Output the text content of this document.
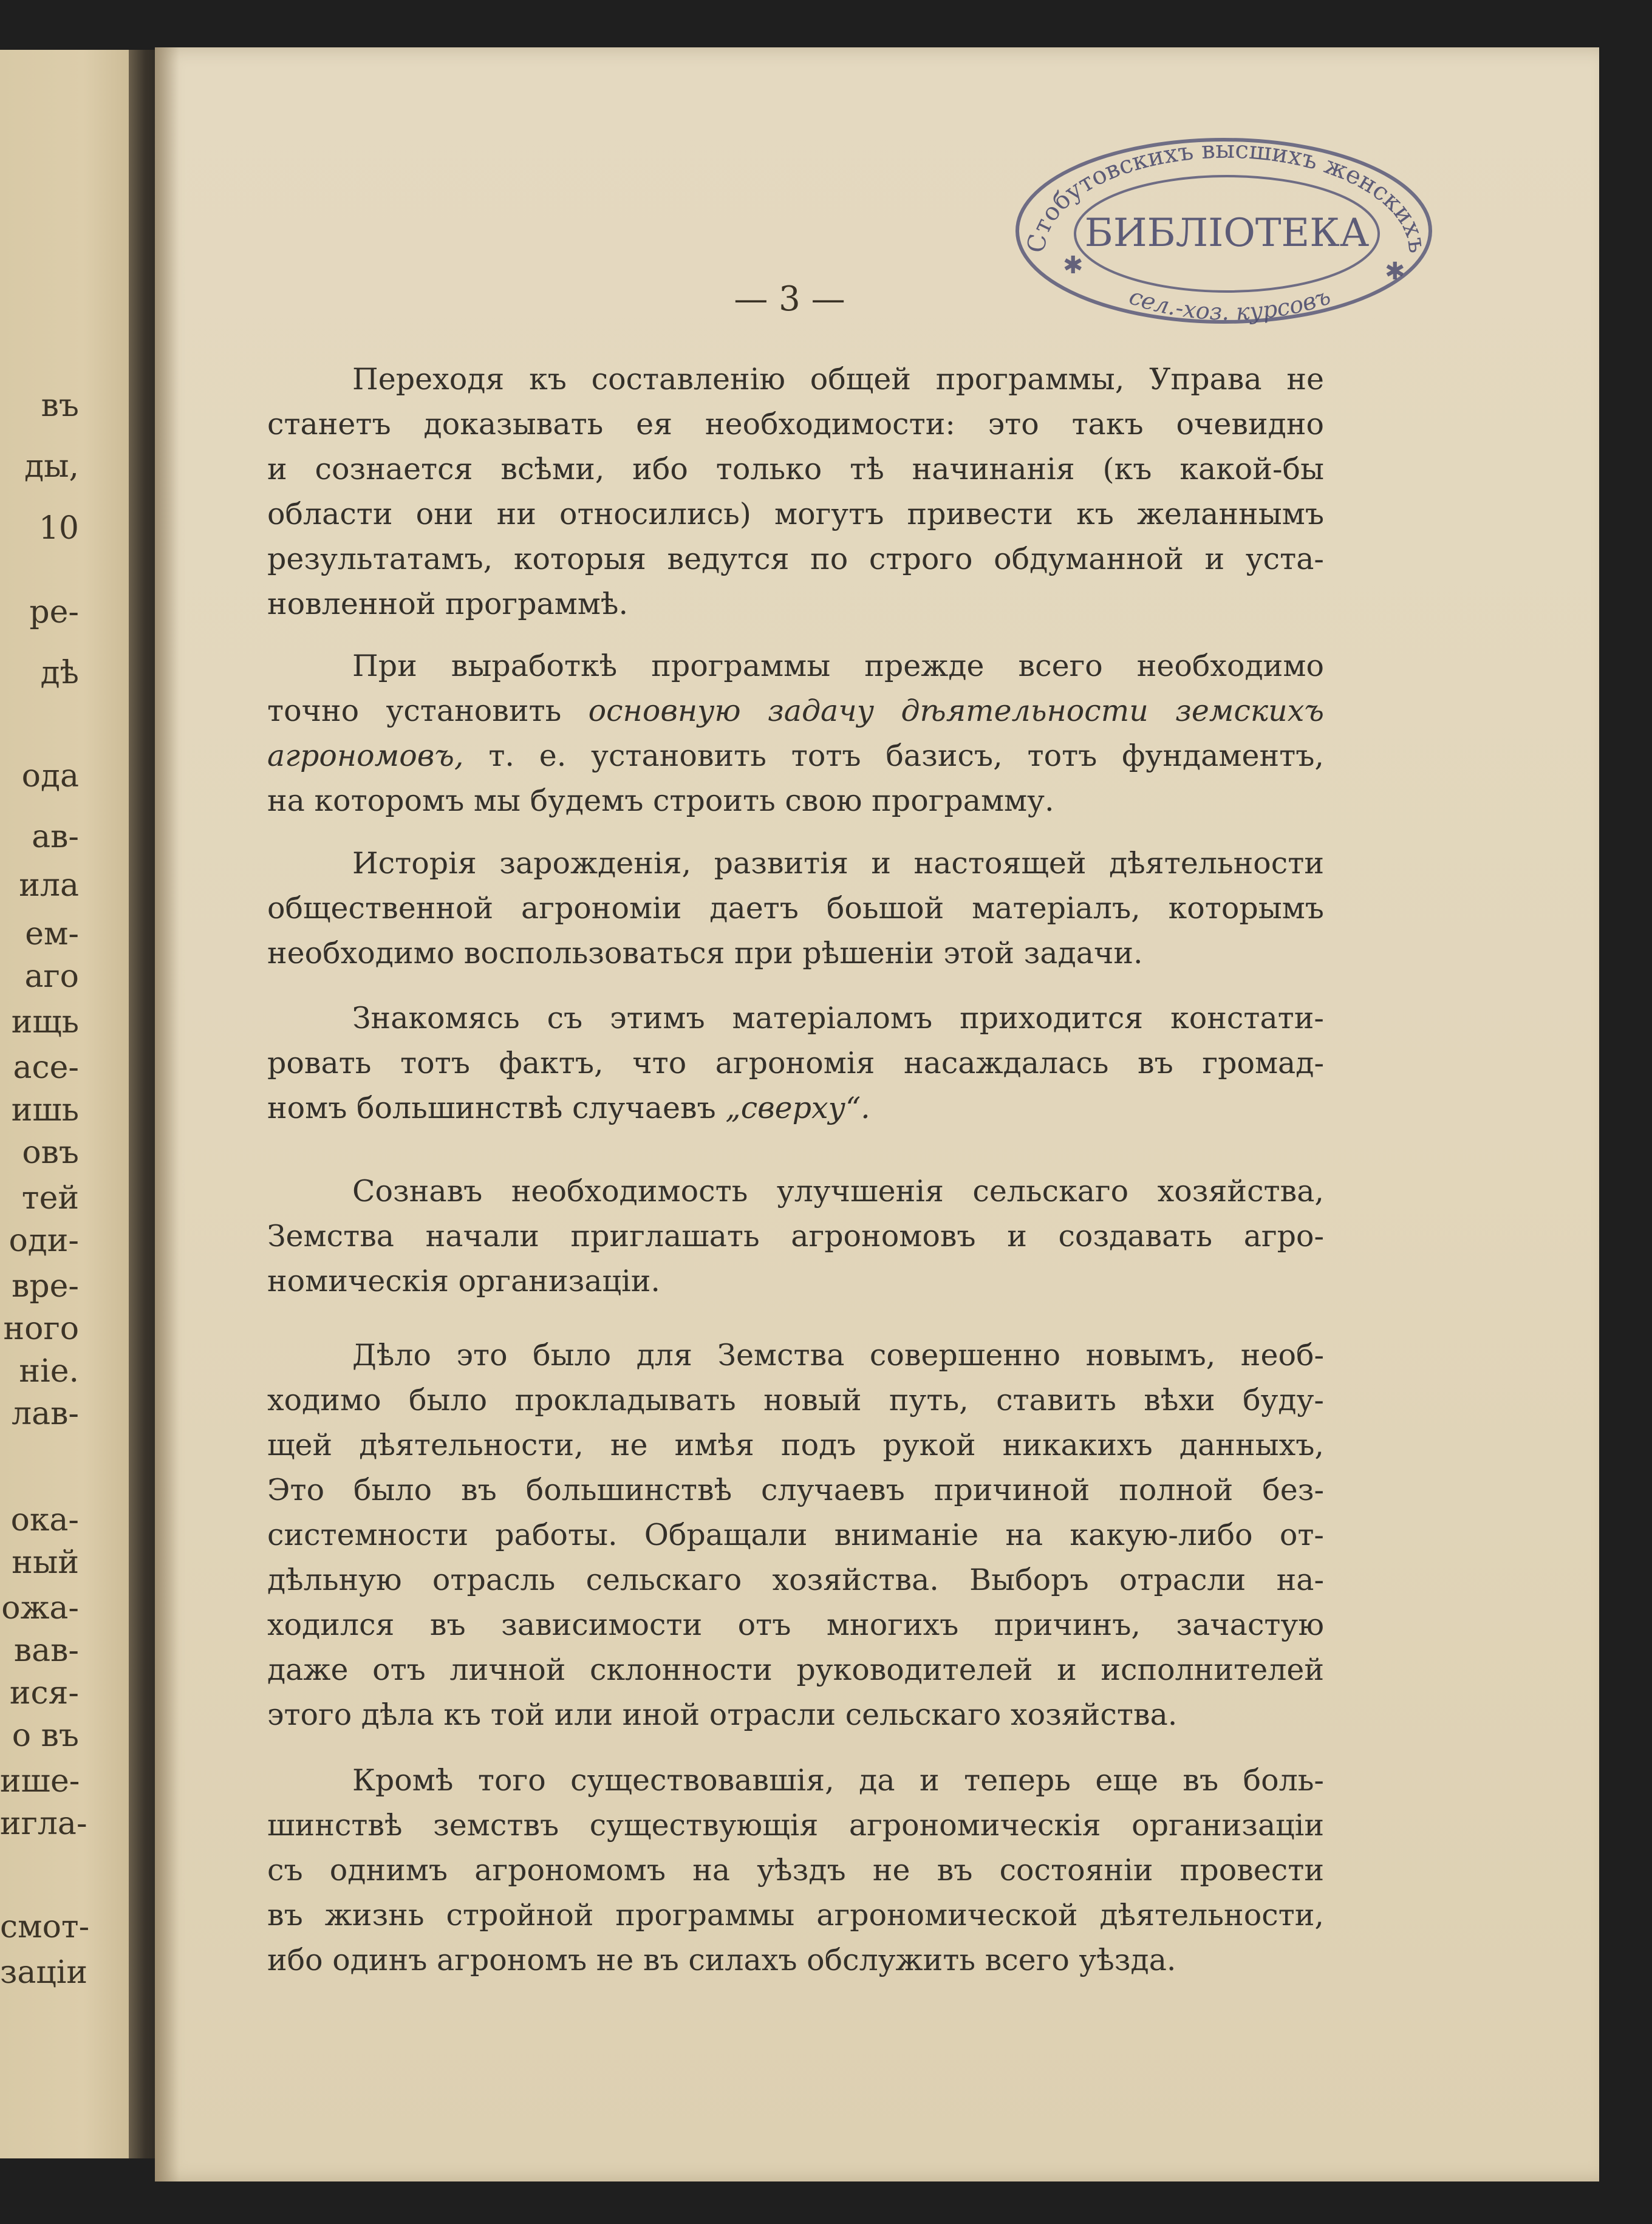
въ
ды,
10
ре-
дѣ
ода
ав-
ила
ем-
аго
ищь
асе-
ишь
овъ
тей
оди-
вре-
ного
ніе.
лав-
ока-
ный
ожа-
вав-
ися-
о въ
ише-
игла-
смот-
заціи
Стобутовскихъ высшихъ женскихъ
БИБЛІОТЕКА
сел.-хоз. курсовъ
✱	✱
— 3 —
Переходя къ составленію общей программы, Управа не
станетъ доказывать ея необходимости: это такъ очевидно
и сознается всѣми, ибо только тѣ начинанія (къ какой-бы
области они ни относились) могутъ привести къ желаннымъ
результатамъ, которыя ведутся по строго обдуманной и уста-
новленной программѣ.
При выработкѣ программы прежде всего необходимо
точно установить основную задачу дѣятельности земскихъ
агрономовъ, т. е. установить тотъ базисъ, тотъ фундаментъ,
на которомъ мы будемъ строить свою программу.
Исторія зарожденія, развитія и настоящей дѣятельности
общественной агрономіи даетъ боьшой матеріалъ, которымъ
необходимо воспользоваться при рѣшеніи этой задачи.
Знакомясь съ этимъ матеріаломъ приходится констати-
ровать тотъ фактъ, что агрономія насаждалась въ громад-
номъ большинствѣ случаевъ „сверху“.
Сознавъ необходимость улучшенія сельскаго хозяйства,
Земства начали приглашать агрономовъ и создавать агро-
номическія организаціи.
Дѣло это было для Земства совершенно новымъ, необ-
ходимо было прокладывать новый путь, ставить вѣхи буду-
щей дѣятельности, не имѣя подъ рукой никакихъ данныхъ,
Это было въ большинствѣ случаевъ причиной полной без-
системности работы. Обращали вниманіе на какую-либо от-
дѣльную отрасль сельскаго хозяйства. Выборъ отрасли на-
ходился въ зависимости отъ многихъ причинъ, зачастую
даже отъ личной склонности руководителей и исполнителей
этого дѣла къ той или иной отрасли сельскаго хозяйства.
Кромѣ того существовавшія, да и теперь еще въ боль-
шинствѣ земствъ существующія агрономическія организаціи
съ однимъ агрономомъ на уѣздъ не въ состояніи провести
въ жизнь стройной программы агрономической дѣятельности,
ибо одинъ агрономъ не въ силахъ обслужить всего уѣзда.
